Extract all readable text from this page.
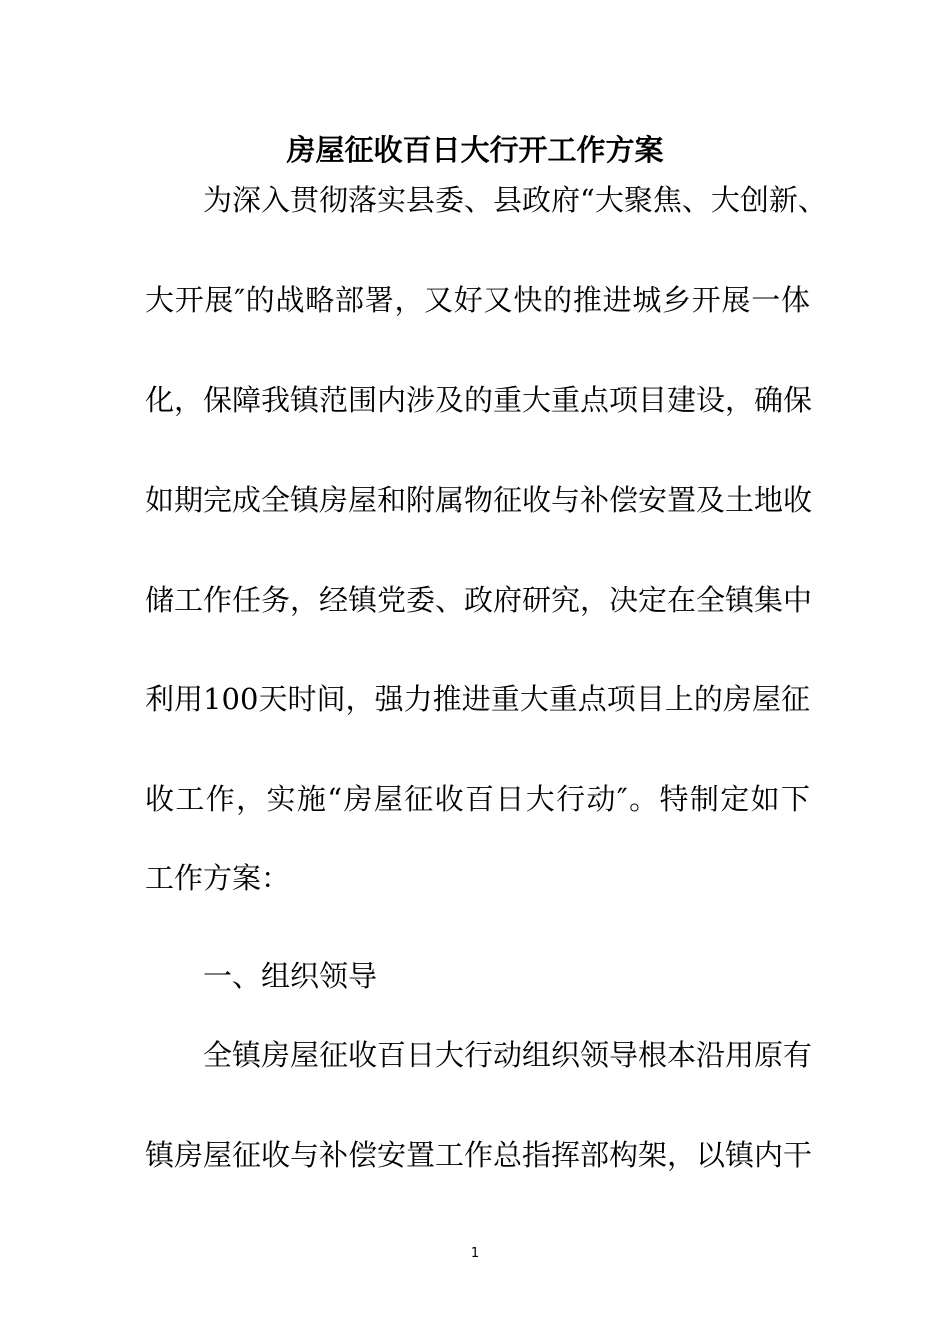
房屋征收百日大行开工作方案

为深入贯彻落实县委、县政府“大聚焦、大创新、

大开展″的战略部署，又好又快的推进城乡开展一体

化，保障我镇范围内涉及的重大重点项目建设，确保

如期完成全镇房屋和附属物征收与补偿安置及土地收

储工作任务，经镇党委、政府研究，决定在全镇集中

利用100天时间，强力推进重大重点项目上的房屋征

收工作，实施“房屋征收百日大行动″。特制定如下

工作方案：

一、组织领导

全镇房屋征收百日大行动组织领导根本沿用原有

镇房屋征收与补偿安置工作总指挥部构架，以镇内干

1
